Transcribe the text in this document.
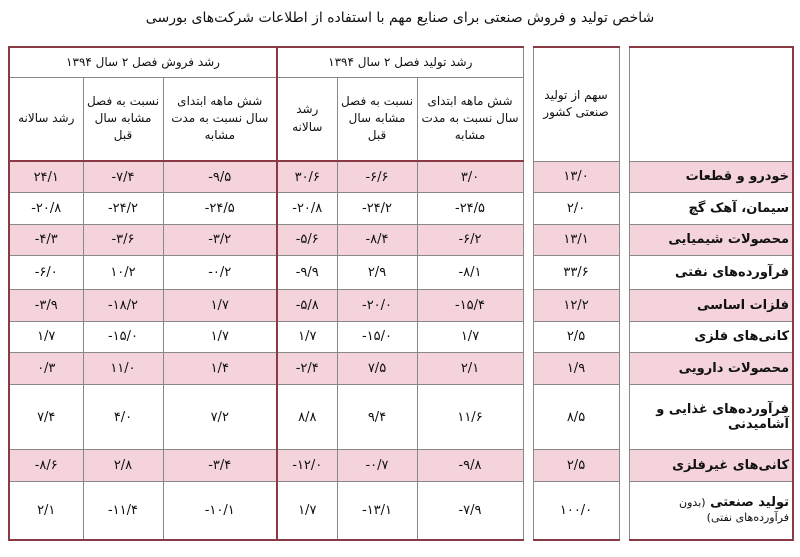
شاخص تولید و فروش صنعتی برای صنایع مهم با استفاده از اطلاعات شرکت‌های بورسی
رشد فروش فصل ۲ سال ۱۳۹۴			رشد تولید فصل ۲ سال ۱۳۹۴				سهم از تولید صنعتی کشور		
رشد سالانه	نسبت به فصل مشابه سال قبل	شش ماهه ابتدای سال نسبت به مدت مشابه	رشد سالانه	نسبت به فصل مشابه سال قبل	شش ماهه ابتدای سال نسبت به مدت مشابه				
۲۴/۱	-۷/۴	-۹/۵	۳۰/۶	-۶/۶	۳/۰		۱۳/۰		خودرو و قطعات
-۲۰/۸	-۲۴/۲	-۲۴/۵	-۲۰/۸	-۲۴/۲	-۲۴/۵		۲/۰		سیمان، آهک گچ
-۴/۳	-۳/۶	-۳/۲	-۵/۶	-۸/۴	-۶/۲		۱۳/۱		محصولات شیمیایی
-۶/۰	۱۰/۲	-۰/۲	-۹/۹	۲/۹	-۸/۱		۳۳/۶		فرآورده‌های نفتی
-۳/۹	-۱۸/۲	۱/۷	-۵/۸	-۲۰/۰	-۱۵/۴		۱۲/۲		فلزات اساسی
۱/۷	-۱۵/۰	۱/۷	۱/۷	-۱۵/۰	۱/۷		۲/۵		کانی‌های فلزی
۰/۳	۱۱/۰	۱/۴	-۲/۴	۷/۵	۲/۱		۱/۹		محصولات دارویی
۷/۴	۴/۰	۷/۲	۸/۸	۹/۴	۱۱/۶		۸/۵		فرآورده‌های غذایی و آشامیدنی
-۸/۶	۲/۸	-۳/۴	-۱۲/۰	-۰/۷	-۹/۸		۲/۵		کانی‌های غیرفلزی
۲/۱	-۱۱/۴	-۱۰/۱	۱/۷	-۱۳/۱	-۷/۹		۱۰۰/۰		تولید صنعتی (بدون فرآورده‌های نفتی)
